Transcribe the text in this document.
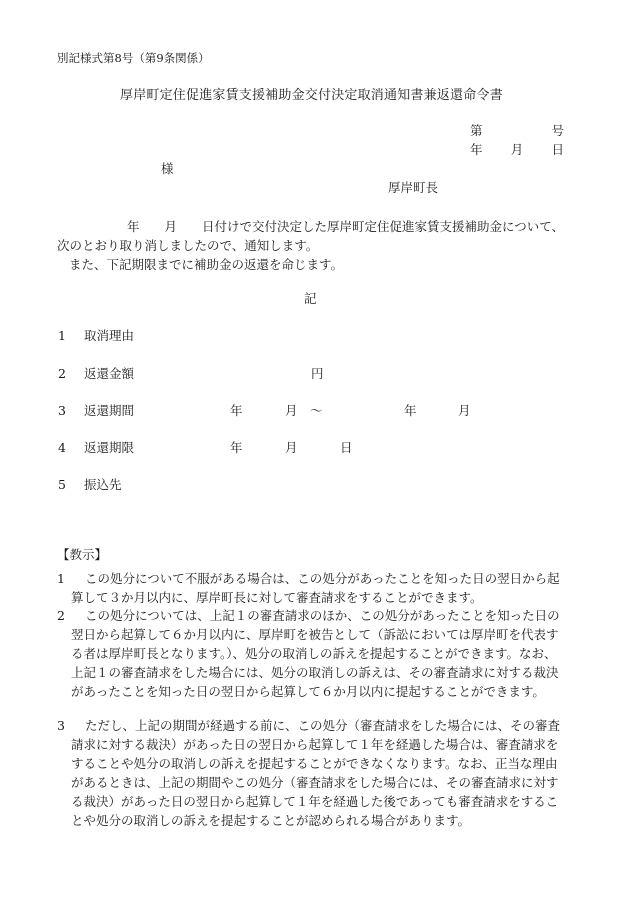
別記様式第8号（第9条関係）
厚岸町定住促進家賃支援補助金交付決定取消通知書兼返還命令書
第	号
年 月 日
様
厚岸町長
年　　月　　日付けで交付決定した厚岸町定住促進家賃支援補助金について、次のとおり取り消しましたので、通知します。
また、下記期限までに補助金の返還を命じます。
記
1 取消理由
2 返還金額	円
3 返還期間	年	月 ～	年	月
4 返還期限	年	月	日
5 振込先
【教示】
1	この処分について不服がある場合は、この処分があったことを知った日の翌日から起算して３か月以内に、厚岸町長に対して審査請求をすることができます。
2	この処分については、上記１の審査請求のほか、この処分があったことを知った日の翌日から起算して６か月以内に、厚岸町を被告として（訴訟においては厚岸町を代表する者は厚岸町長となります。）、処分の取消しの訴えを提起することができます。なお、上記１の審査請求をした場合には、処分の取消しの訴えは、その審査請求に対する裁決があったことを知った日の翌日から起算して６か月以内に提起することができます。
3	ただし、上記の期間が経過する前に、この処分（審査請求をした場合には、その審査請求に対する裁決）があった日の翌日から起算して１年を経過した場合は、審査請求をすることや処分の取消しの訴えを提起することができなくなります。なお、正当な理由があるときは、上記の期間やこの処分（審査請求をした場合には、その審査請求に対する裁決）があった日の翌日から起算して１年を経過した後であっても審査請求をすることや処分の取消しの訴えを提起することが認められる場合があります。
